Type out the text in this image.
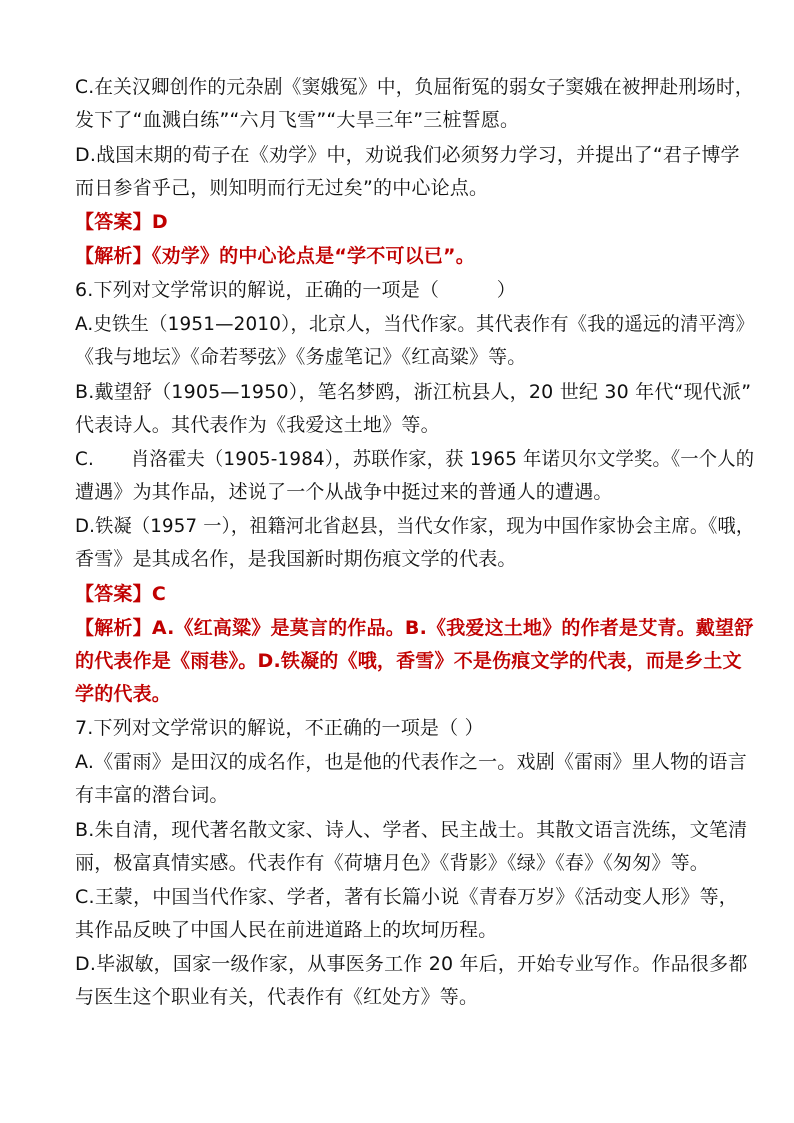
C.在关汉卿创作的元杂剧《窦娥冤》中，负屈衔冤的弱女子窦娥在被押赴刑场时，
发下了“血溅白练”“六月飞雪”“大旱三年”三桩誓愿。
D.战国末期的荀子在《劝学》中，劝说我们必须努力学习，并提出了“君子博学
而日参省乎己，则知明而行无过矣”的中心论点。
【答案】D
【解析】《劝学》的中心论点是“学不可以已”。
6.下列对文学常识的解说，正确的一项是（　　　）
A.史铁生（1951—2010），北京人，当代作家。其代表作有《我的遥远的清平湾》
《我与地坛》《命若琴弦》《务虚笔记》《红高粱》等。
B.戴望舒（1905—1950），笔名梦鸥，浙江杭县人，20 世纪 30 年代“现代派”
代表诗人。其代表作为《我爱这土地》等。
C.　　肖洛霍夫（1905-1984），苏联作家，获 1965 年诺贝尔文学奖。《一个人的
遭遇》为其作品，述说了一个从战争中挺过来的普通人的遭遇。
D.铁凝（1957 一），祖籍河北省赵县，当代女作家，现为中国作家协会主席。《哦，
香雪》是其成名作，是我国新时期伤痕文学的代表。
【答案】C
【解析】A.《红高粱》是莫言的作品。B.《我爱这土地》的作者是艾青。戴望舒
的代表作是《雨巷》。D.铁凝的《哦，香雪》不是伤痕文学的代表，而是乡土文
学的代表。
7.下列对文学常识的解说，不正确的一项是（ ）
A.《雷雨》是田汉的成名作，也是他的代表作之一。戏剧《雷雨》里人物的语言
有丰富的潜台词。
B.朱自清，现代著名散文家、诗人、学者、民主战士。其散文语言洗练，文笔清
丽，极富真情实感。代表作有《荷塘月色》《背影》《绿》《春》《匆匆》等。
C.王蒙，中国当代作家、学者，著有长篇小说《青春万岁》《活动变人形》等，
其作品反映了中国人民在前进道路上的坎坷历程。
D.毕淑敏，国家一级作家，从事医务工作 20 年后，开始专业写作。作品很多都
与医生这个职业有关，代表作有《红处方》等。
